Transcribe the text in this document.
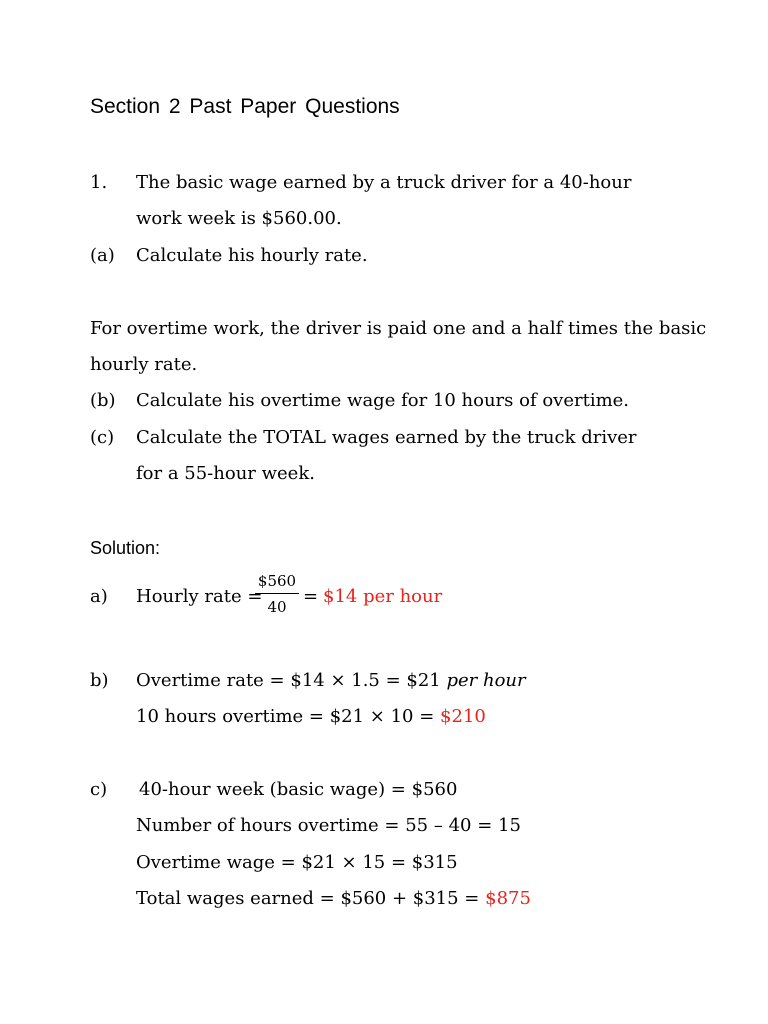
Section 2 Past Paper Questions
1. The basic wage earned by a truck driver for a 40-hour
work week is $560.00.
(a) Calculate his hourly rate.
For overtime work, the driver is paid one and a half times the basic
hourly rate.
(b) Calculate his overtime wage for 10 hours of overtime.
(c) Calculate the TOTAL wages earned by the truck driver
for a 55-hour week.
Solution:
a) Hourly rate =
$560
40 = $14 per hour
b) Overtime rate = $14 × 1.5 = $21 per hour
10 hours overtime = $21 × 10 = $210
c) 40-hour week (basic wage) = $560
Number of hours overtime = 55 – 40 = 15
Overtime wage = $21 × 15 = $315
Total wages earned = $560 + $315 = $875
